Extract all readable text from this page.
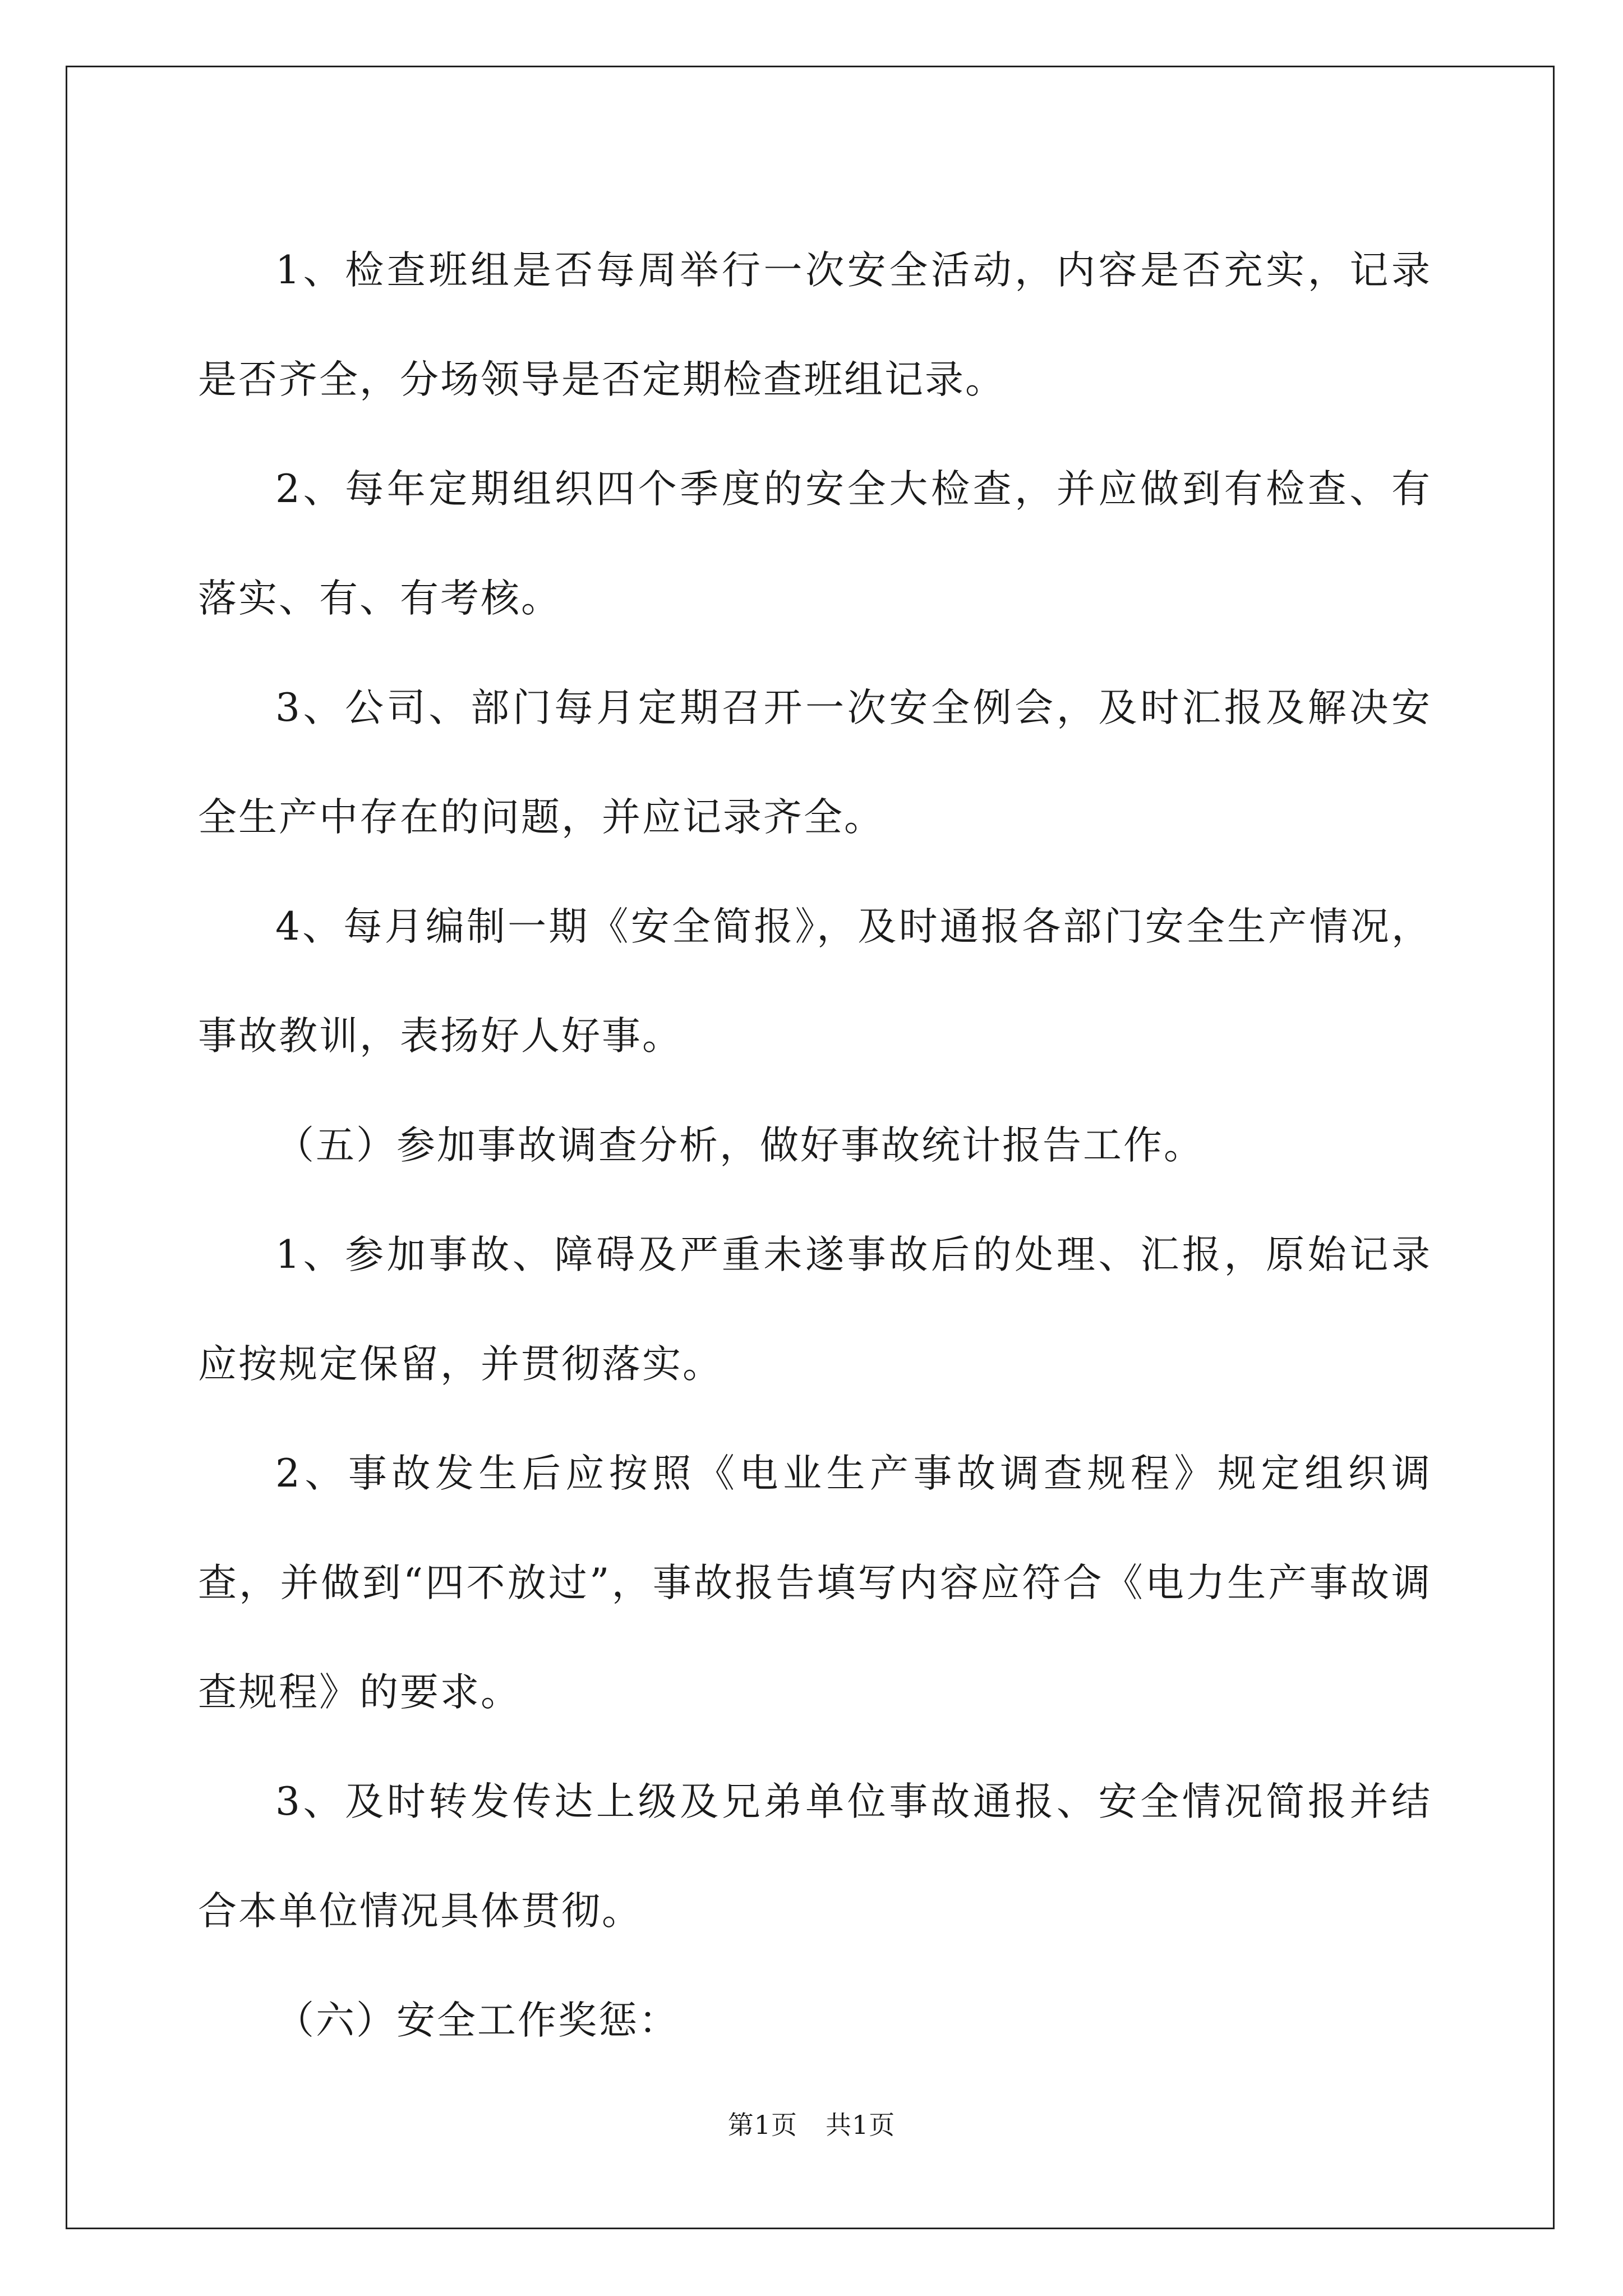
1、检查班组是否每周举行一次安全活动，内容是否充实，记录是否齐全，分场领导是否定期检查班组记录。

2、每年定期组织四个季度的安全大检查，并应做到有检查、有落实、有、有考核。

3、公司、部门每月定期召开一次安全例会，及时汇报及解决安全生产中存在的问题，并应记录齐全。

4、每月编制一期《安全简报》，及时通报各部门安全生产情况，事故教训，表扬好人好事。

（五）参加事故调查分析，做好事故统计报告工作。

1、参加事故、障碍及严重未遂事故后的处理、汇报，原始记录应按规定保留，并贯彻落实。

2、事故发生后应按照《电业生产事故调查规程》规定组织调查，并做到“四不放过”，事故报告填写内容应符合《电力生产事故调查规程》的要求。

3、及时转发传达上级及兄弟单位事故通报、安全情况简报并结合本单位情况具体贯彻。

（六）安全工作奖惩：

第1页 共1页
